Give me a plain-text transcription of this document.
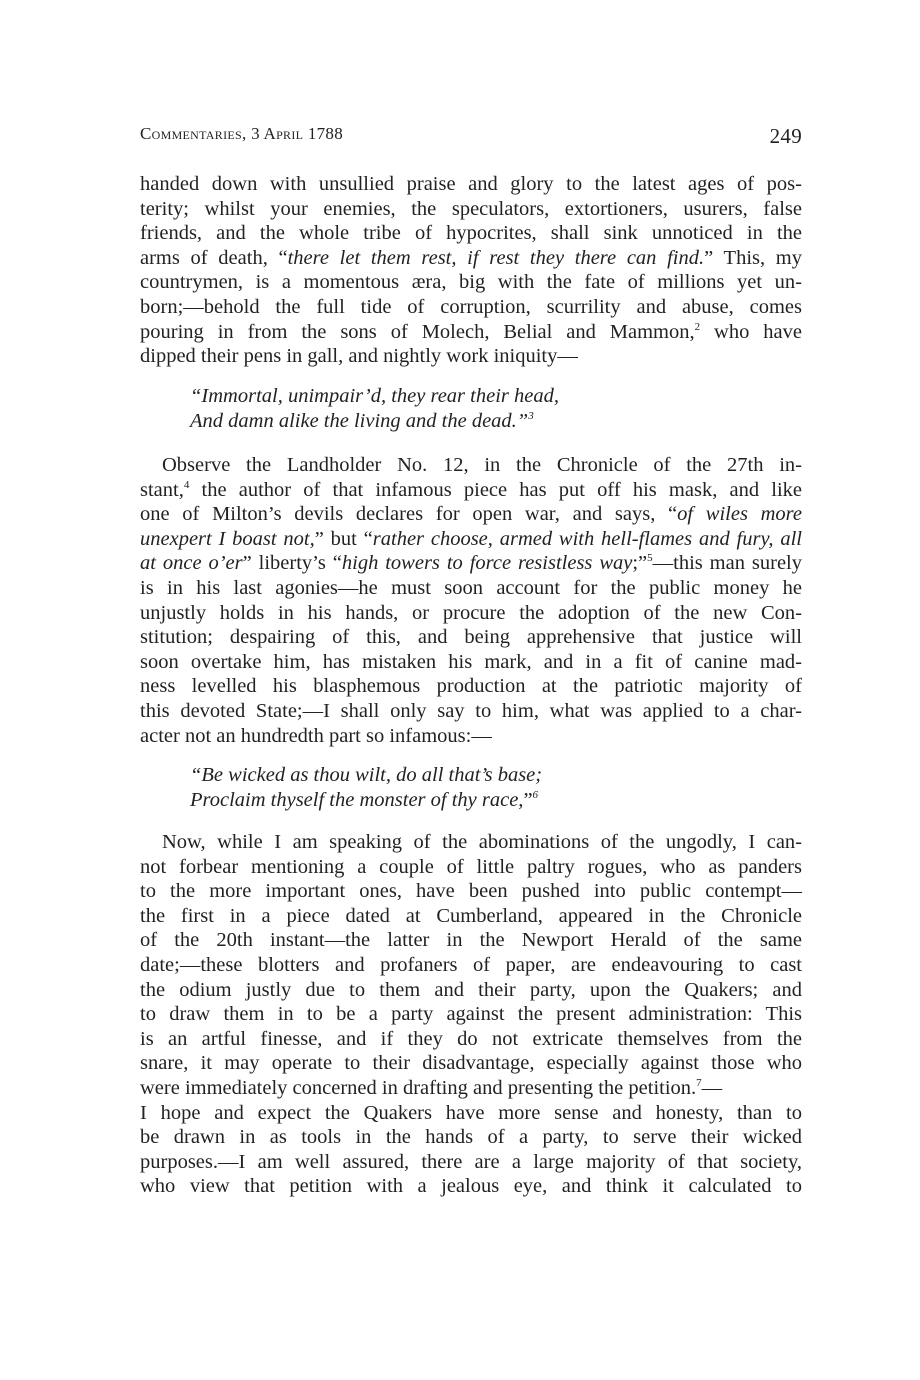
Commentaries, 3 April 1788	249
handed down with unsullied praise and glory to the latest ages of pos-
terity; whilst your enemies, the speculators, extortioners, usurers, false
friends, and the whole tribe of hypocrites, shall sink unnoticed in the
arms of death, “there let them rest, if rest they there can find.” This, my
countrymen, is a momentous æra, big with the fate of millions yet un-
born;—behold the full tide of corruption, scurrility and abuse, comes
pouring in from the sons of Molech, Belial and Mammon,$^2$ who have
dipped their pens in gall, and nightly work iniquity—
“Immortal, unimpair’d, they rear their head,
And damn alike the living and the dead.”$^3$
Observe the Landholder No. 12, in the Chronicle of the 27th in-
stant,$^4$ the author of that infamous piece has put off his mask, and like
one of Milton’s devils declares for open war, and says, “of wiles more
unexpert I boast not,” but “rather choose, armed with hell-flames and fury, all
at once o’er” liberty’s “high towers to force resistless way;”$^5$—this man surely
is in his last agonies—he must soon account for the public money he
unjustly holds in his hands, or procure the adoption of the new Con-
stitution; despairing of this, and being apprehensive that justice will
soon overtake him, has mistaken his mark, and in a fit of canine mad-
ness levelled his blasphemous production at the patriotic majority of
this devoted State;—I shall only say to him, what was applied to a char-
acter not an hundredth part so infamous:—
“Be wicked as thou wilt, do all that’s base;
Proclaim thyself the monster of thy race,”$^6$
Now, while I am speaking of the abominations of the ungodly, I can-
not forbear mentioning a couple of little paltry rogues, who as panders
to the more important ones, have been pushed into public contempt—
the first in a piece dated at Cumberland, appeared in the Chronicle
of the 20th instant—the latter in the Newport Herald of the same
date;—these blotters and profaners of paper, are endeavouring to cast
the odium justly due to them and their party, upon the Quakers; and
to draw them in to be a party against the present administration: This
is an artful finesse, and if they do not extricate themselves from the
snare, it may operate to their disadvantage, especially against those who
were immediately concerned in drafting and presenting the petition.$^7$—
I hope and expect the Quakers have more sense and honesty, than to
be drawn in as tools in the hands of a party, to serve their wicked
purposes.—I am well assured, there are a large majority of that society,
who view that petition with a jealous eye, and think it calculated to
